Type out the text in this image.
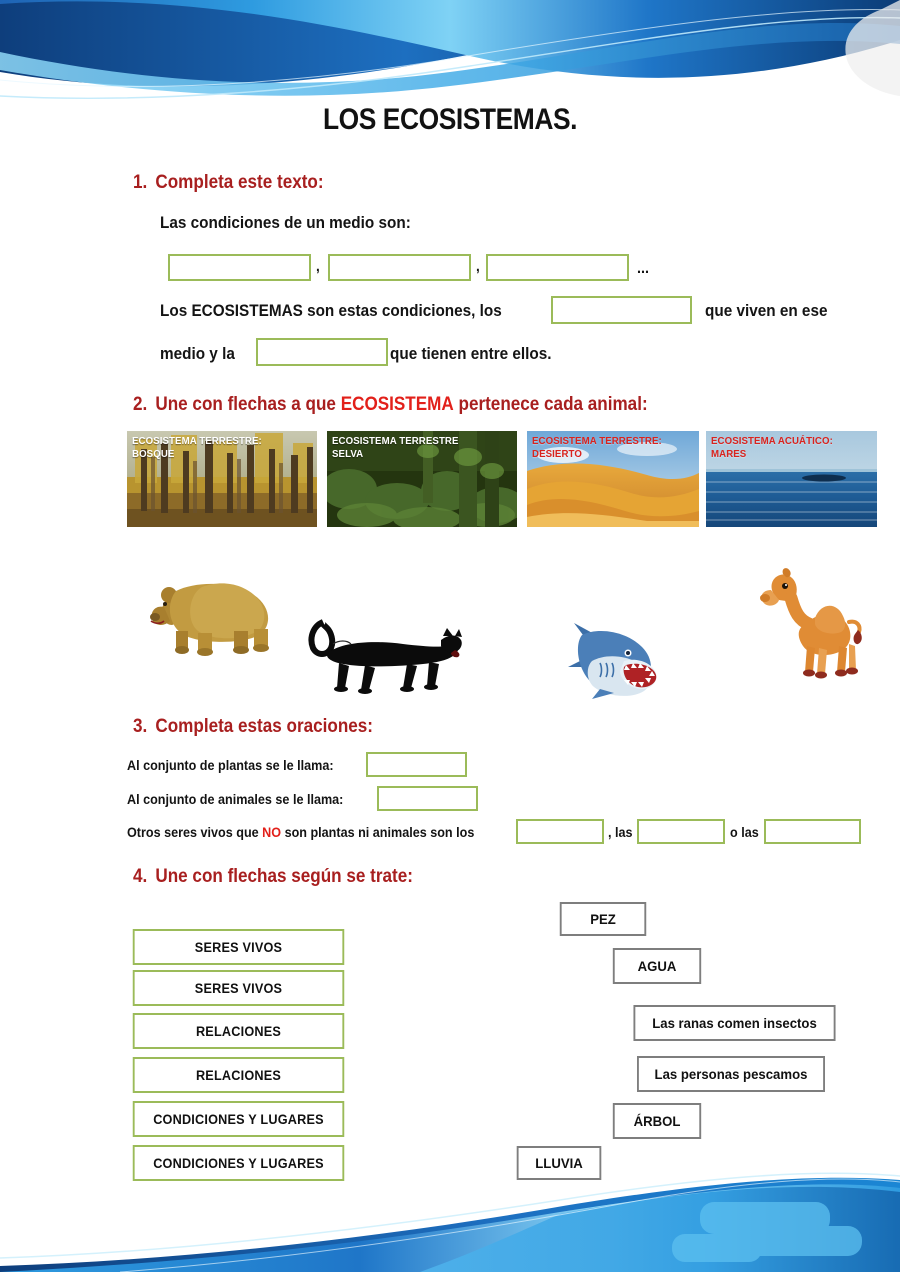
LOS ECOSISTEMAS.
1. Completa este texto:
Las condiciones de un medio son:
,	,	...
Los ECOSISTEMAS son estas condiciones, los	que viven en ese
medio y la	que tienen entre ellos.
2. Une con flechas a que ECOSISTEMA pertenece cada animal:
ECOSISTEMA TERRESTRE:
BOSQUE
ECOSISTEMA TERRESTRE
SELVA
ECOSISTEMA TERRESTRE:
DESIERTO
ECOSISTEMA ACUÁTICO:
MARES
3. Completa estas oraciones:
Al conjunto de plantas se le llama:
Al conjunto de animales se le llama:
Otros seres vivos que NO son plantas ni animales son los	, las	o las
4. Une con flechas según se trate:
SERES VIVOS
SERES VIVOS
RELACIONES
RELACIONES
CONDICIONES Y LUGARES
CONDICIONES Y LUGARES
PEZ
AGUA
Las ranas comen insectos
Las personas pescamos
ÁRBOL
LLUVIA
